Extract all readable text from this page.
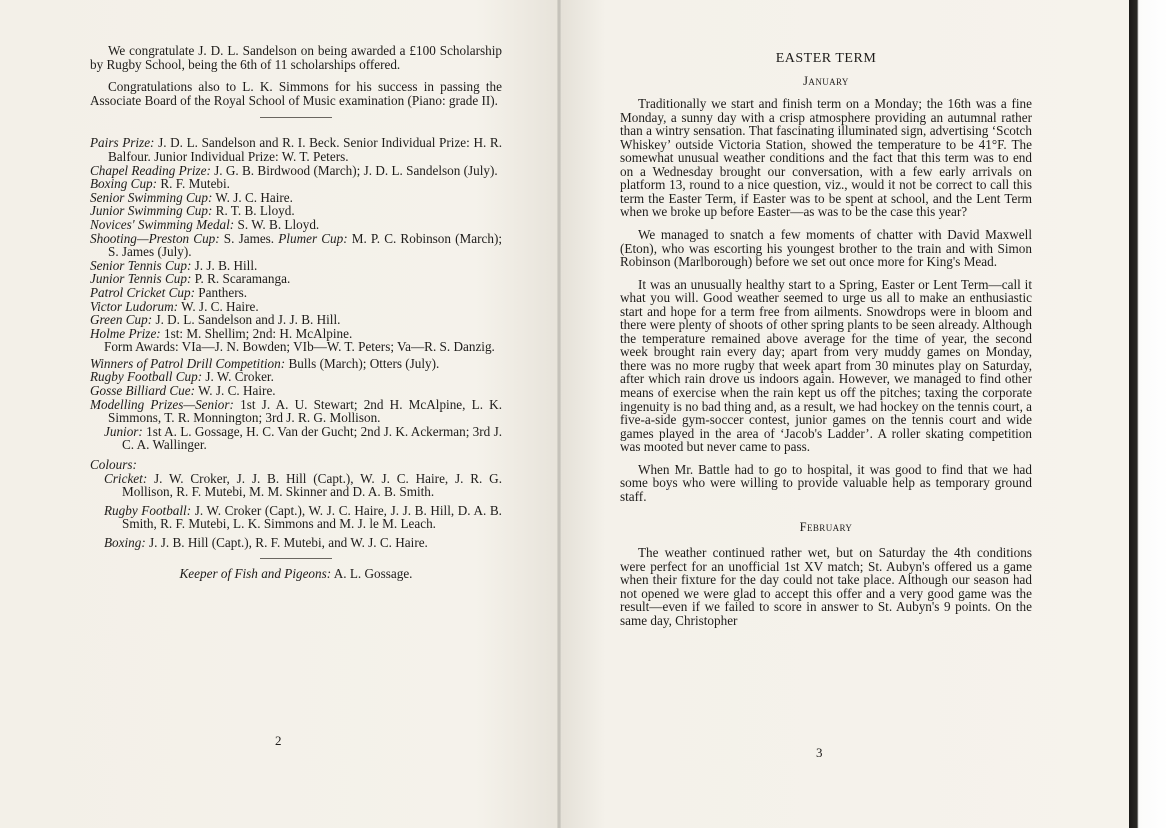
We congratulate J. D. L. Sandelson on being awarded a £100 Scholarship by Rugby School, being the 6th of 11 scholarships offered.

Congratulations also to L. K. Simmons for his success in passing the Associate Board of the Royal School of Music examination (Piano: grade II).

Pairs Prize: J. D. L. Sandelson and R. I. Beck. Senior Individual Prize: H. R. Balfour. Junior Individual Prize: W. T. Peters.

Chapel Reading Prize: J. G. B. Birdwood (March); J. D. L. Sandelson (July).

Boxing Cup: R. F. Mutebi.

Senior Swimming Cup: W. J. C. Haire.

Junior Swimming Cup: R. T. B. Lloyd.

Novices' Swimming Medal: S. W. B. Lloyd.

Shooting—Preston Cup: S. James. Plumer Cup: M. P. C. Robinson (March); S. James (July).

Senior Tennis Cup: J. J. B. Hill.

Junior Tennis Cup: P. R. Scaramanga.

Patrol Cricket Cup: Panthers.

Victor Ludorum: W. J. C. Haire.

Green Cup: J. D. L. Sandelson and J. J. B. Hill.

Holme Prize: 1st: M. Shellim; 2nd: H. McAlpine.

Form Awards: VIa—J. N. Bowden; VIb—W. T. Peters; Va—R. S. Danzig.

Winners of Patrol Drill Competition: Bulls (March); Otters (July).

Rugby Football Cup: J. W. Croker.

Gosse Billiard Cue: W. J. C. Haire.

Modelling Prizes—Senior: 1st J. A. U. Stewart; 2nd H. McAlpine, L. K. Simmons, T. R. Monnington; 3rd J. R. G. Mollison.

Junior: 1st A. L. Gossage, H. C. Van der Gucht; 2nd J. K. Ackerman; 3rd J. C. A. Wallinger.

Colours:

Cricket: J. W. Croker, J. J. B. Hill (Capt.), W. J. C. Haire, J. R. G. Mollison, R. F. Mutebi, M. M. Skinner and D. A. B. Smith.

Rugby Football: J. W. Croker (Capt.), W. J. C. Haire, J. J. B. Hill, D. A. B. Smith, R. F. Mutebi, L. K. Simmons and M. J. le M. Leach.

Boxing: J. J. B. Hill (Capt.), R. F. Mutebi, and W. J. C. Haire.

Keeper of Fish and Pigeons: A. L. Gossage.

2

EASTER TERM

January

Traditionally we start and finish term on a Monday; the 16th was a fine Monday, a sunny day with a crisp atmosphere providing an autumnal rather than a wintry sensation. That fascinating illuminated sign, advertising ‘Scotch Whiskey’ outside Victoria Station, showed the temperature to be 41°F. The somewhat unusual weather conditions and the fact that this term was to end on a Wednesday brought our conversation, with a few early arrivals on platform 13, round to a nice question, viz., would it not be correct to call this term the Easter Term, if Easter was to be spent at school, and the Lent Term when we broke up before Easter—as was to be the case this year?

We managed to snatch a few moments of chatter with David Maxwell (Eton), who was escorting his youngest brother to the train and with Simon Robinson (Marlborough) before we set out once more for King's Mead.

It was an unusually healthy start to a Spring, Easter or Lent Term—call it what you will. Good weather seemed to urge us all to make an enthusiastic start and hope for a term free from ailments. Snowdrops were in bloom and there were plenty of shoots of other spring plants to be seen already. Although the temperature remained above average for the time of year, the second week brought rain every day; apart from very muddy games on Monday, there was no more rugby that week apart from 30 minutes play on Saturday, after which rain drove us indoors again. However, we managed to find other means of exercise when the rain kept us off the pitches; taxing the corporate ingenuity is no bad thing and, as a result, we had hockey on the tennis court, a five-a-side gym-soccer contest, junior games on the tennis court and wide games played in the area of ‘Jacob's Ladder’. A roller skating competition was mooted but never came to pass.

When Mr. Battle had to go to hospital, it was good to find that we had some boys who were willing to provide valuable help as temporary ground staff.

February

The weather continued rather wet, but on Saturday the 4th conditions were perfect for an unofficial 1st XV match; St. Aubyn's offered us a game when their fixture for the day could not take place. Although our season had not opened we were glad to accept this offer and a very good game was the result—even if we failed to score in answer to St. Aubyn's 9 points. On the same day, Christopher

3
